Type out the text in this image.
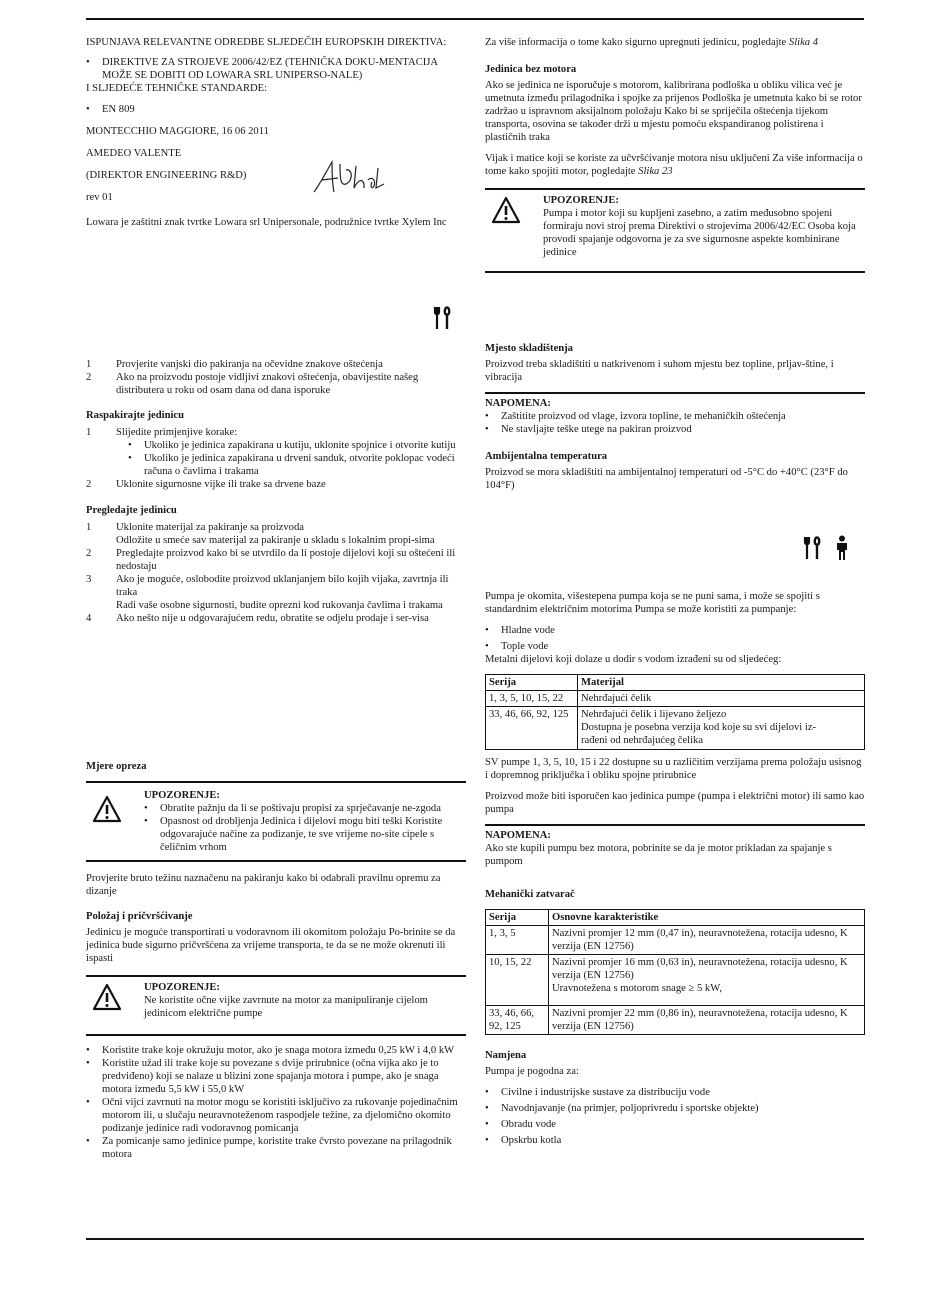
ISPUNJAVA RELEVANTNE ODREDBE SLJEDEČIH EUROPSKIH DIREKTIVA:

• DIREKTIVE ZA STROJEVE 2006/42/EZ (TEHNIČKA DOKU-MENTACIJA MOŽE SE DOBITI OD LOWARA SRL UNIPERSO-NALE)

I SLJEDEĆE TEHNIČKE STANDARDE:

• EN 809

MONTECCHIO MAGGIORE, 16 06 2011

AMEDEO VALENTE

(DIREKTOR ENGINEERING R&D)

rev 01

Lowara je zaštitni znak tvrtke Lowara srl Unipersonale, podružnice tvrtke Xylem Inc

1 Provjerite vanjski dio pakiranja na očevidne znakove oštećenja

2 Ako na proizvodu postoje vidljivi znakovi oštećenja, obavijestite našeg distributera u roku od osam dana od dana isporuke

Raspakirajte jedinicu

1 Slijedite primjenjive korake:

• Ukoliko je jedinica zapakirana u kutiju, uklonite spojnice i otvorite kutiju

• Ukoliko je jedinica zapakirana u drveni sanduk, otvorite poklopac vodeći računa o čavlima i trakama

2 Uklonite sigurnosne vijke ili trake sa drvene baze

Pregledajte jedinicu

1 Uklonite materijal za pakiranje sa proizvoda
Odložite u smeće sav materijal za pakiranje u skladu s lokalnim propi-sima

2 Pregledajte proizvod kako bi se utvrdilo da li postoje dijelovi koji su oštećeni ili nedostaju

3 Ako je moguće, oslobodite proizvod uklanjanjem bilo kojih vijaka, zavrtnja ili traka
Radi vaše osobne sigurnosti, budite oprezni kod rukovanja čavlima i trakama

4 Ako nešto nije u odgovarajućem redu, obratite se odjelu prodaje i ser-visa

Mjere opreza

UPOZORENJE:

• Obratite pažnju da li se poštivaju propisi za sprječavanje ne-zgoda

• Opasnost od drobljenja Jedinica i dijelovi mogu biti teški Koristite odgovarajuće načine za podizanje, te sve vrijeme no-site cipele s čeličnim vrhom

Provjerite bruto težinu naznačenu na pakiranju kako bi odabrali pravilnu opremu za dizanje

Položaj i pričvršćivanje

Jedinicu je moguće transportirati u vodoravnom ili okomitom položaju Po-brinite se da jedinica bude sigurno pričvršćena za vrijeme transporta, te da se ne može okrenuti ili ispasti

UPOZORENJE:

Ne koristite očne vijke zavrnute na motor za manipuliranje cijelom jedinicom električne pumpe

• Koristite trake koje okružuju motor, ako je snaga motora između 0,25 kW i 4,0 kW

• Koristite užad ili trake koje su povezane s dvije prirubnice (očna vijka ako je to predviđeno) koji se nalaze u blizini zone spajanja motora i pumpe, ako je snaga motora između 5,5 kW i 55,0 kW

• Očni vijci zavrnuti na motor mogu se koristiti isključivo za rukovanje pojedinačnim motorom ili, u slučaju neuravnoteženom raspodjele težine, za djelomično okomito podizanje jedinice radi vodoravnog pomicanja

• Za pomicanje samo jedinice pumpe, koristite trake čvrsto povezane na prilagodnik motora

Za više informacija o tome kako sigurno upregnuti jedinicu, pogledajte Slika 4

Jedinica bez motora

Ako se jedinica ne isporučuje s motorom, kalibrirana podloška u obliku vilica već je umetnuta između prilagodnika i spojke za prijenos Podloška je umetnuta kako bi se rotor zadržao u ispravnom aksijalnom položaju Kako bi se spriječila oštećenja tijekom transporta, osovina se također drži u mjestu pomoću ekspandiranog polistirena i plastičnih traka

Vijak i matice koji se koriste za učvršćivanje motora nisu uključeni Za više informacija o tome kako spojiti motor, pogledajte Slika 23

UPOZORENJE:

Pumpa i motor koji su kupljeni zasebno, a zatim međusobno spojeni formiraju novi stroj prema Direktivi o strojevima 2006/42/EC Osoba koja provodi spajanje odgovorna je za sve sigurnosne aspekte kombinirane jedinice

Mjesto skladištenja

Proizvod treba skladištiti u natkrivenom i suhom mjestu bez topline, prljav-štine, i vibracija

NAPOMENA:

• Zaštitite proizvod od vlage, izvora topline, te mehaničkih oštećenja

• Ne stavljajte teške utege na pakiran proizvod

Ambijentalna temperatura

Proizvod se mora skladištiti na ambijentalnoj temperaturi od -5°C do +40°C (23°F do 104°F)

Pumpa je okomita, višestepena pumpa koja se ne puni sama, i može se spojiti s standardnim električnim motorima Pumpa se može koristiti za pumpanje:

• Hladne vode

• Tople vode

Metalni dijelovi koji dolaze u dodir s vodom izrađeni su od sljedećeg:

Serija	Materijal
1, 3, 5, 10, 15, 22	Nehrđajući čelik
33, 46, 66, 92, 125	Nehrđajući čelik i lijevano željezo
Dostupna je posebna verzija kod koje su svi dijelovi iz-
rađeni od nehrđajućeg čelika

SV pumpe 1, 3, 5, 10, 15 i 22 dostupne su u različitim verzijama prema položaju usisnog i dopremnog priključka i obliku spojne prirubnice

Proizvod može biti isporučen kao jedinica pumpe (pumpa i električni motor) ili samo kao pumpa

NAPOMENA:

Ako ste kupili pumpu bez motora, pobrinite se da je motor prikladan za spajanje s pumpom

Mehanički zatvarač

Serija	Osnovne karakteristike
1, 3, 5	Nazivni promjer 12 mm (0,47 in), neuravnotežena, rotacija udesno, K verzija (EN 12756)
10, 15, 22	Nazivni promjer 16 mm (0,63 in), neuravnotežena, rotacija udesno, K verzija (EN 12756)
Uravnotežena s motorom snage ≥ 5 kW,
33, 46, 66, 92, 125	Nazivni promjer 22 mm (0,86 in), neuravnotežena, rotacija udesno, K verzija (EN 12756)

Namjena

Pumpa je pogodna za:

• Civilne i industrijske sustave za distribuciju vode

• Navodnjavanje (na primjer, poljoprivredu i sportske objekte)

• Obradu vode

• Opskrbu kotla
